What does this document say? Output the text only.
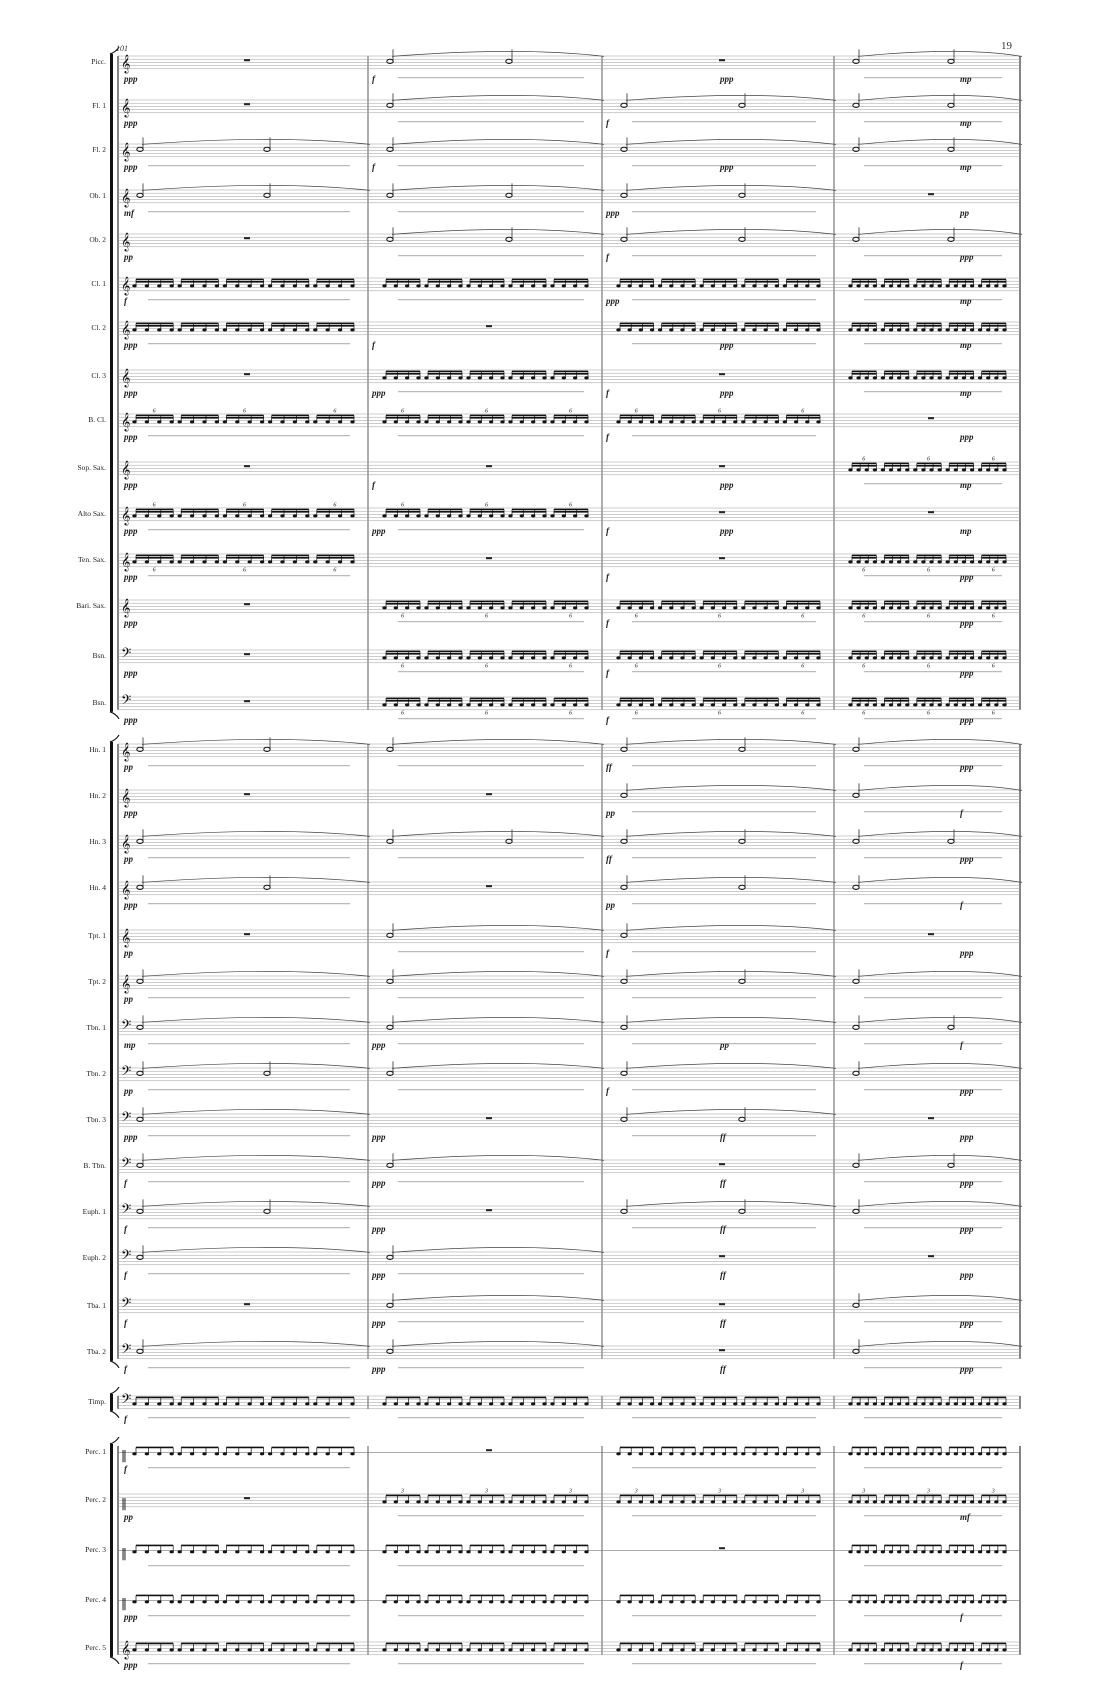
19
101
𝄞
𝄞
𝄞
𝄞
𝄞
𝄞
𝄞
𝄞
𝄞
6	6	6	6	6	6	6	6	6
𝄞
6	6	6
𝄞
6	6	6	6	6	6
𝄞	6	6	6	6	6	6
𝄞	6	6	6	6	6	6	6	6	6
𝄢
6	6	6	6	6	6	6	6	6
𝄢
6	6	6	6	6	6	6	6	6
𝄞
𝄞
𝄞
𝄞
𝄞
𝄞
𝄢
𝄢
𝄢
𝄢
𝄢
𝄢
𝄢
𝄢
𝄢
‖
‖
3	3	3	3	3	3	3	3	3
‖
‖
𝄞
Picc.
Fl. 1
Fl. 2
Ob. 1
Ob. 2
Cl. 1
Cl. 2
Cl. 3
B. Cl.
Sop. Sax.
Alto Sax.
Ten. Sax.
Bari. Sax.
Bsn.
Bsn.
Hn. 1
Hn. 2
Hn. 3
Hn. 4
Tpt. 1
Tpt. 2
Tbn. 1
Tbn. 2
Tbn. 3
B. Tbn.
Euph. 1
Euph. 2
Tba. 1
Tba. 2
Timp.
Perc. 1
Perc. 2
Perc. 3
Perc. 4
Perc. 5
ppp	f	ppp	mp
ppp	f	mp
ppp	f	ppp	mp
mf	ppp	pp
pp	f	ppp
f	ppp	mp
ppp	f	ppp	mp
ppp	ppp	f	ppp	mp
ppp	f	ppp
ppp	f	ppp	mp
ppp	ppp	f	ppp	mp
ppp	f	ppp
ppp	f	ppp
ppp	f	ppp
ppp	f	ppp
pp	ff	ppp
ppp	pp	f
pp	ff	ppp
ppp	pp	f
pp	f	ppp
pp
mp	ppp	pp	f
pp	f	ppp
ppp	ppp	ff	ppp
f	ppp	ff	ppp
f	ppp	ff	ppp
f	ppp	ff	ppp
f	ppp	ff	ppp
f	ppp	ff	ppp
f
f
pp	mf
ppp	f
ppp	f
